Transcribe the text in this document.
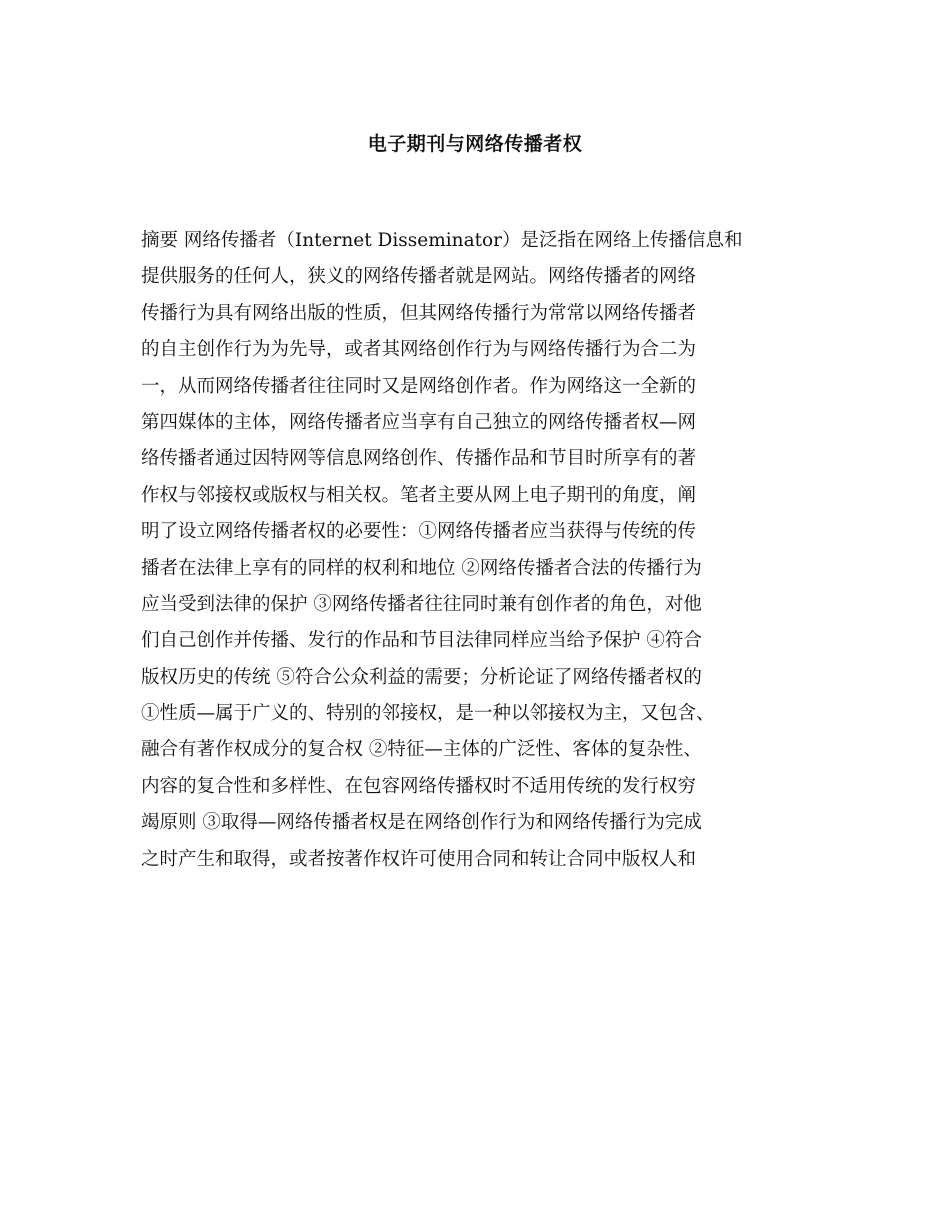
电子期刊与网络传播者权
摘要 网络传播者（Internet Disseminator）是泛指在网络上传播信息和
提供服务的任何人，狭义的网络传播者就是网站。网络传播者的网络
传播行为具有网络出版的性质，但其网络传播行为常常以网络传播者
的自主创作行为为先导，或者其网络创作行为与网络传播行为合二为
一，从而网络传播者往往同时又是网络创作者。作为网络这一全新的
第四媒体的主体，网络传播者应当享有自己独立的网络传播者权—网
络传播者通过因特网等信息网络创作、传播作品和节目时所享有的著
作权与邻接权或版权与相关权。笔者主要从网上电子期刊的角度，阐
明了设立网络传播者权的必要性：①网络传播者应当获得与传统的传
播者在法律上享有的同样的权利和地位 ②网络传播者合法的传播行为
应当受到法律的保护 ③网络传播者往往同时兼有创作者的角色，对他
们自己创作并传播、发行的作品和节目法律同样应当给予保护 ④符合
版权历史的传统 ⑤符合公众利益的需要；分析论证了网络传播者权的
①性质—属于广义的、特别的邻接权，是一种以邻接权为主，又包含、
融合有著作权成分的复合权 ②特征—主体的广泛性、客体的复杂性、
内容的复合性和多样性、在包容网络传播权时不适用传统的发行权穷
竭原则 ③取得—网络传播者权是在网络创作行为和网络传播行为完成
之时产生和取得，或者按著作权许可使用合同和转让合同中版权人和
